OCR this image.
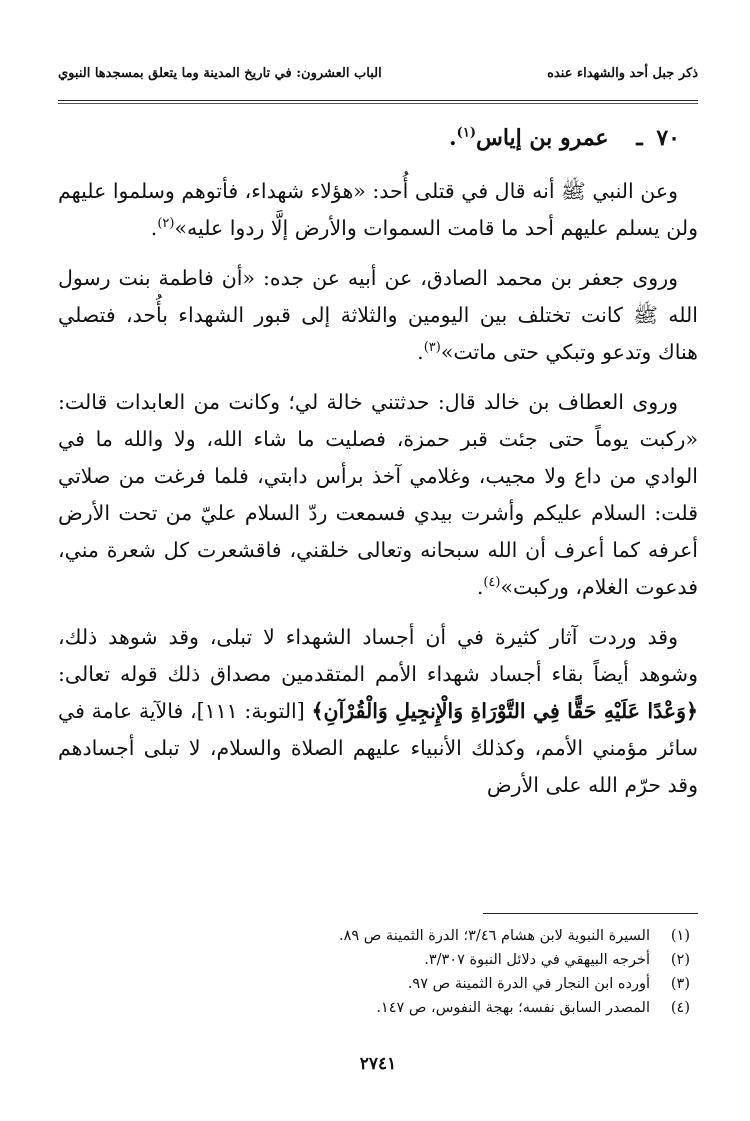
ذكر جبل أحد والشهداء عنده
الباب العشرون: في تاريخ المدينة وما يتعلق بمسجدها النبوي
٧٠ ـ عمرو بن إياس$^{(١)}$.

وعن النبي ﷺ أنه قال في قتلى أُحد: «هؤلاء شهداء، فأتوهم وسلموا عليهم ولن يسلم عليهم أحد ما قامت السموات والأرض إلَّا ردوا عليه»$^{(٢)}$.

وروى جعفر بن محمد الصادق، عن أبيه عن جده: «أن فاطمة بنت رسول الله ﷺ كانت تختلف بين اليومين والثلاثة إلى قبور الشهداء بأُحد، فتصلي هناك وتدعو وتبكي حتى ماتت»$^{(٣)}$.

وروى العطاف بن خالد قال: حدثتني خالة لي؛ وكانت من العابدات قالت: «ركبت يوماً حتى جئت قبر حمزة، فصليت ما شاء الله، ولا والله ما في الوادي من داع ولا مجيب، وغلامي آخذ برأس دابتي، فلما فرغت من صلاتي قلت: السلام عليكم وأشرت بيدي فسمعت ردّ السلام عليّ من تحت الأرض أعرفه كما أعرف أن الله سبحانه وتعالى خلقني، فاقشعرت كل شعرة مني، فدعوت الغلام، وركبت»$^{(٤)}$.

وقد وردت آثار كثيرة في أن أجساد الشهداء لا تبلى، وقد شوهد ذلك، وشوهد أيضاً بقاء أجساد شهداء الأمم المتقدمين مصداق ذلك قوله تعالى: ﴿وَعْدًا عَلَيْهِ حَقًّا فِي التَّوْرَاةِ وَالْإِنجِيلِ وَالْقُرْآنِ﴾ [التوبة: ١١١]، فالآية عامة في سائر مؤمني الأمم، وكذلك الأنبياء عليهم الصلاة والسلام، لا تبلى أجسادهم وقد حرّم الله على الأرض

(١)
السيرة النبوية لابن هشام ٣/٤٦؛ الدرة الثمينة ص ٨٩.
(٢)
أخرجه البيهقي في دلائل النبوة ٣/٣٠٧.
(٣)
أورده ابن النجار في الدرة الثمينة ص ٩٧.
(٤)
المصدر السابق نفسه؛ بهجة النفوس، ص ١٤٧.
٢٧٤١
